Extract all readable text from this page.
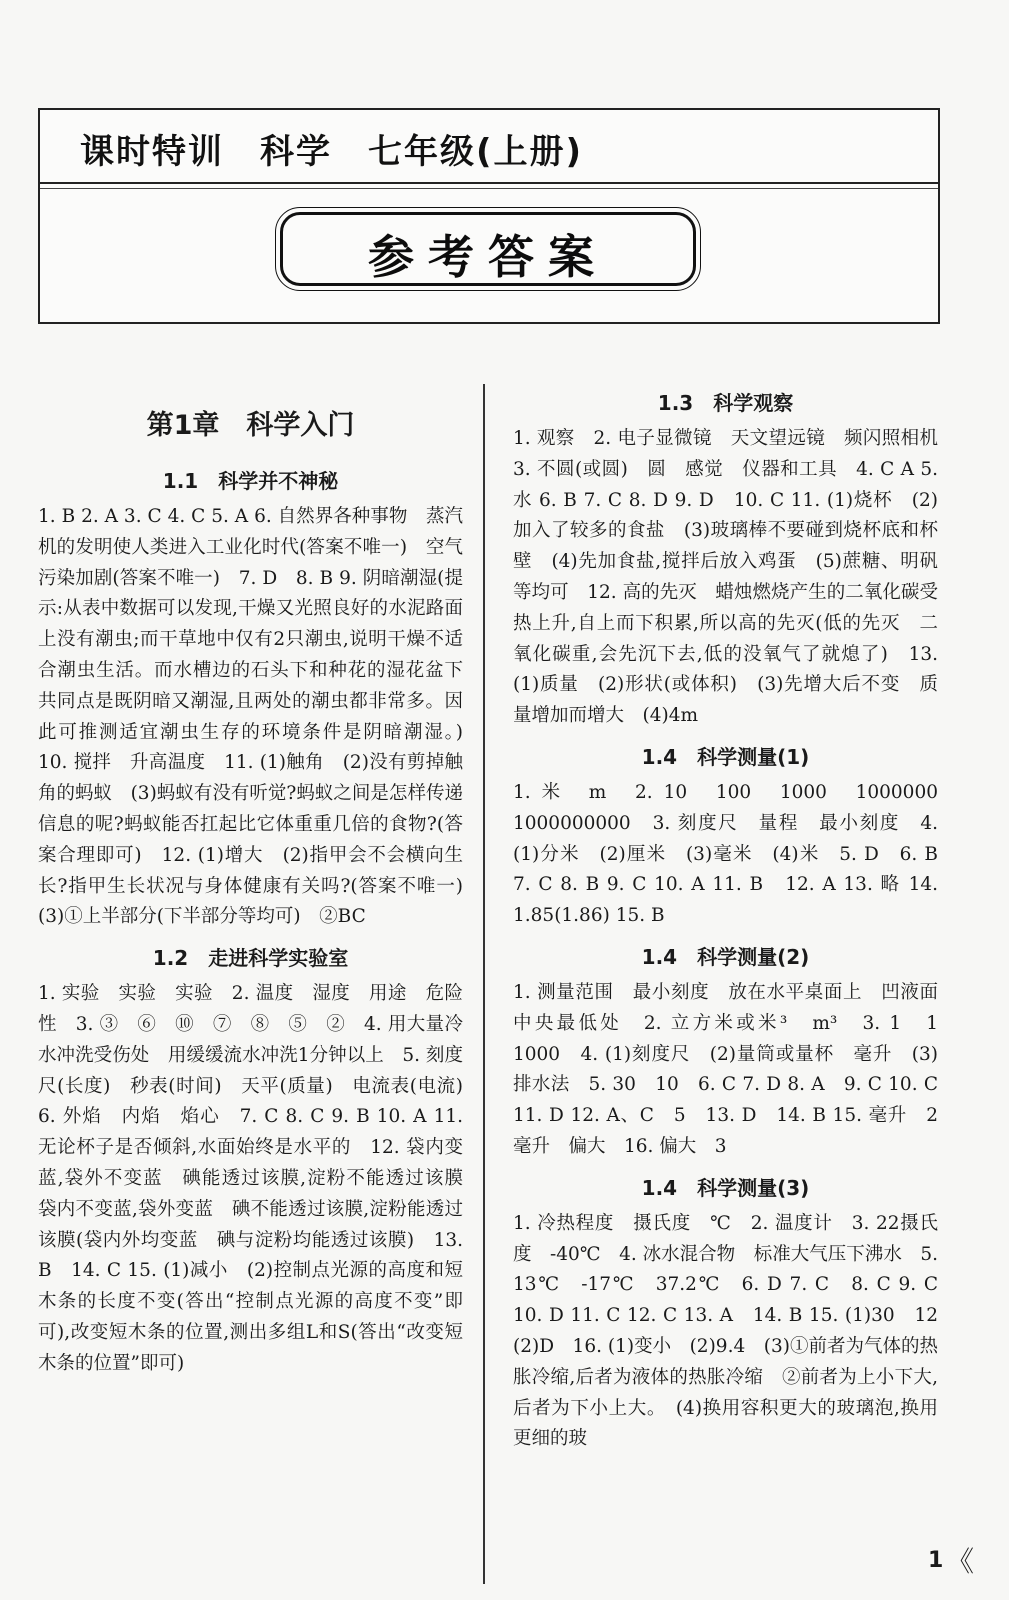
课时特训　科学　七年级(上册)
参考答案
第1章　科学入门
1.1　科学并不神秘

1. B 2. A 3. C 4. C 5. A 6. 自然界各种事物　蒸汽机的发明使人类进入工业化时代(答案不唯一)　空气污染加剧(答案不唯一)　7. D　8. B 9. 阴暗潮湿(提示:从表中数据可以发现,干燥又光照良好的水泥路面上没有潮虫;而干草地中仅有2只潮虫,说明干燥不适合潮虫生活。而水槽边的石头下和种花的湿花盆下共同点是既阴暗又潮湿,且两处的潮虫都非常多。因此可推测适宜潮虫生存的环境条件是阴暗潮湿。)　10. 搅拌　升高温度　11. (1)触角　(2)没有剪掉触角的蚂蚁　(3)蚂蚁有没有听觉?蚂蚁之间是怎样传递信息的呢?蚂蚁能否扛起比它体重重几倍的食物?(答案合理即可)　12. (1)增大　(2)指甲会不会横向生长?指甲生长状况与身体健康有关吗?(答案不唯一)　(3)①上半部分(下半部分等均可)　②BC

1.2　走进科学实验室

1. 实验　实验　实验　2. 温度　湿度　用途　危险性　3. ③　⑥　⑩　⑦　⑧　⑤　②　4. 用大量冷水冲洗受伤处　用缓缓流水冲洗1分钟以上　5. 刻度尺(长度)　秒表(时间)　天平(质量)　电流表(电流)　6. 外焰　内焰　焰心　7. C 8. C 9. B 10. A 11. 无论杯子是否倾斜,水面始终是水平的　12. 袋内变蓝,袋外不变蓝　碘能透过该膜,淀粉不能透过该膜　袋内不变蓝,袋外变蓝　碘不能透过该膜,淀粉能透过该膜(袋内外均变蓝　碘与淀粉均能透过该膜)　13. B　14. C 15. (1)减小　(2)控制点光源的高度和短木条的长度不变(答出“控制点光源的高度不变”即可),改变短木条的位置,测出多组L和S(答出“改变短木条的位置”即可)

1.3　科学观察

1. 观察　2. 电子显微镜　天文望远镜　频闪照相机　3. 不圆(或圆)　圆　感觉　仪器和工具　4. C A 5. 水 6. B 7. C 8. D 9. D　10. C 11. (1)烧杯　(2)加入了较多的食盐　(3)玻璃棒不要碰到烧杯底和杯壁　(4)先加食盐,搅拌后放入鸡蛋　(5)蔗糖、明矾等均可　12. 高的先灭　蜡烛燃烧产生的二氧化碳受热上升,自上而下积累,所以高的先灭(低的先灭　二氧化碳重,会先沉下去,低的没氧气了就熄了)　13. (1)质量　(2)形状(或体积)　(3)先增大后不变　质量增加而增大　(4)4m

1.4　科学测量(1)

1. 米　m　2. 10　100　1000　1000000　1000000000　3. 刻度尺　量程　最小刻度　4. (1)分米　(2)厘米　(3)毫米　(4)米　5. D　6. B 7. C 8. B 9. C 10. A 11. B　12. A 13. 略 14. 1.85(1.86) 15. B

1.4　科学测量(2)

1. 测量范围　最小刻度　放在水平桌面上　凹液面中央最低处　2. 立方米或米³　m³　3. 1　1　1000　4. (1)刻度尺　(2)量筒或量杯　毫升　(3)排水法　5. 30　10　6. C 7. D 8. A　9. C 10. C 11. D 12. A、C　5　13. D　14. B 15. 毫升　2毫升　偏大　16. 偏大　3

1.4　科学测量(3)

1. 冷热程度　摄氏度　℃　2. 温度计　3. 22摄氏度　-40℃　4. 冰水混合物　标准大气压下沸水　5. 13℃　-17℃　37.2℃　6. D 7. C　8. C 9. C 10. D 11. C 12. C 13. A　14. B 15. (1)30　12　(2)D　16. (1)变小　(2)9.4　(3)①前者为气体的热胀冷缩,后者为液体的热胀冷缩　②前者为上小下大,后者为下小上大。　(4)换用容积更大的玻璃泡,换用更细的玻

1 《
